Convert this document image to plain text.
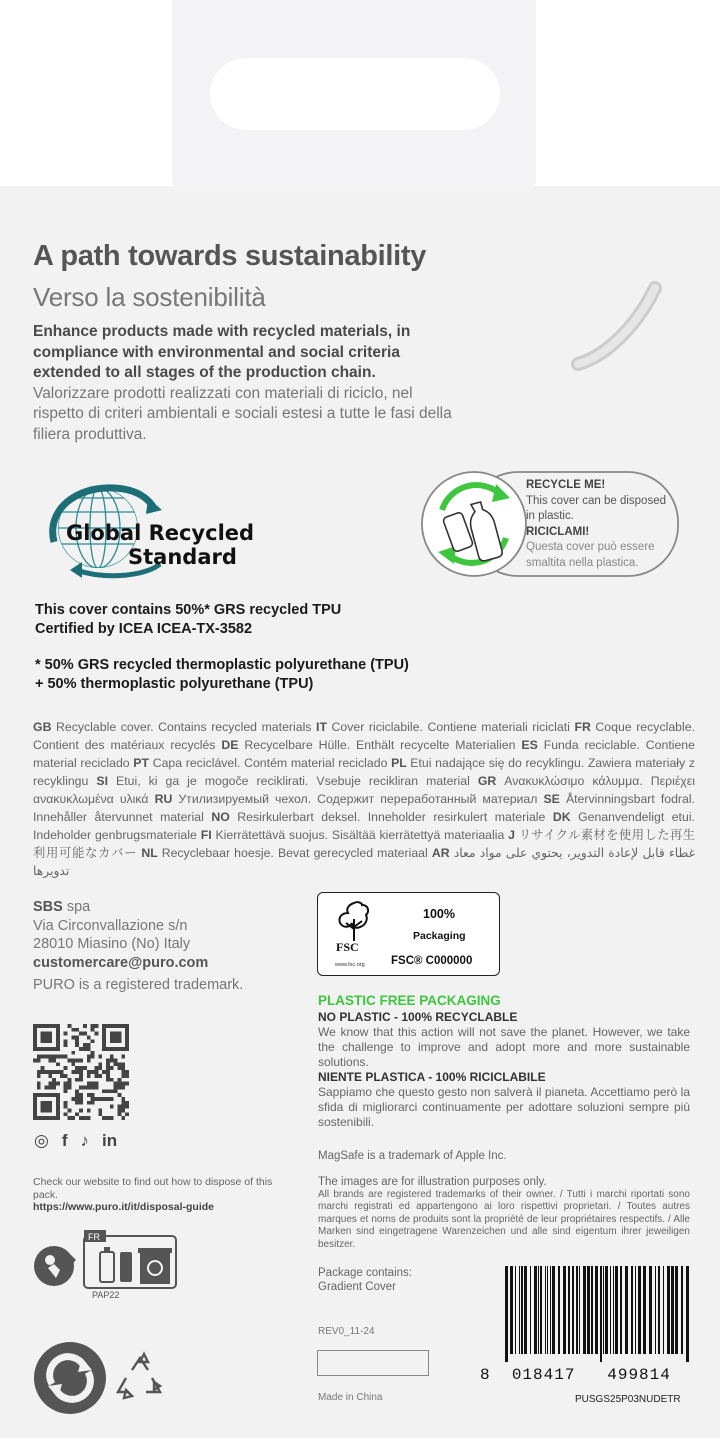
A path towards sustainability
Verso la sostenibilità
Enhance products made with recycled materials, in compliance with environmental and social criteria extended to all stages of the production chain. Valorizzare prodotti realizzati con materiali di riciclo, nel rispetto di criteri ambientali e sociali estesi a tutte le fasi della filiera produttiva.
Global Recycled
Standard
RECYCLE ME!
This cover can be disposed in plastic.
RICICLAMI!
Questa cover può essere smaltita nella plastica.
This cover contains 50%* GRS recycled TPU
Certified by ICEA ICEA-TX-3582
* 50% GRS recycled thermoplastic polyurethane (TPU)
+ 50% thermoplastic polyurethane (TPU)
GB Recyclable cover. Contains recycled materials IT Cover riciclabile. Contiene materiali riciclati FR Coque recyclable. Contient des matériaux recyclés DE Recycelbare Hülle. Enthält recycelte Materialien ES Funda reciclable. Contiene material reciclado PT Capa reciclável. Contém material reciclado PL Etui nadające się do recyklingu. Zawiera materiały z recyklingu SI Etui, ki ga je mogoče reciklirati. Vsebuje recikliran material GR Ανακυκλώσιμο κάλυμμα. Περιέχει ανακυκλωμένα υλικά RU Утилизируемый чехол. Содержит переработанный материал SE Återvinningsbart fodral. Innehåller återvunnet material NO Resirkulerbart deksel. Inneholder resirkulert materiale DK Genanvendeligt etui. Indeholder genbrugsmateriale FI Kierrätettävä suojus. Sisältää kierrätettyä materiaalia J リサイクル素材を使用した再生利用可能なカバー NL Recyclebaar hoesje. Bevat gerecycled materiaal AR غطاء قابل لإعادة التدوير، يحتوي على مواد معاد تدويرها
SBS spa
Via Circonvallazione s/n
28010 Miasino (No) Italy
customercare@puro.com
PURO is a registered trademark.
◎ f ♪ in
Check our website to find out how to dispose of this pack.
https://www.puro.it/it/disposal-guide
FR
PAP22
FSC
www.fsc.org
100%
Packaging
FSC® C000000
PLASTIC FREE PACKAGING
NO PLASTIC - 100% RECYCLABLE
We know that this action will not save the planet. However, we take the challenge to improve and adopt more and more sustainable solutions.
NIENTE PLASTICA - 100% RICICLABILE
Sappiamo che questo gesto non salverà il pianeta. Accettiamo però la sfida di migliorarci continuamente per adottare soluzioni sempre più sostenibili.
MagSafe is a trademark of Apple Inc.
The images are for illustration purposes only.
All brands are registered trademarks of their owner. / Tutti i marchi riportati sono marchi registrati ed appartengono ai loro rispettivi proprietari. / Toutes autres marques et noms de produits sont la propriété de leur propriétaires respectifs. / Alle Marken sind eingetragene Warenzeichen und alle sind eigentum ihrer jeweiligen besitzer.
Package contains:
Gradient Cover
REV0_11-24
Made in China
8 018417 499814
PUSGS25P03NUDETR
